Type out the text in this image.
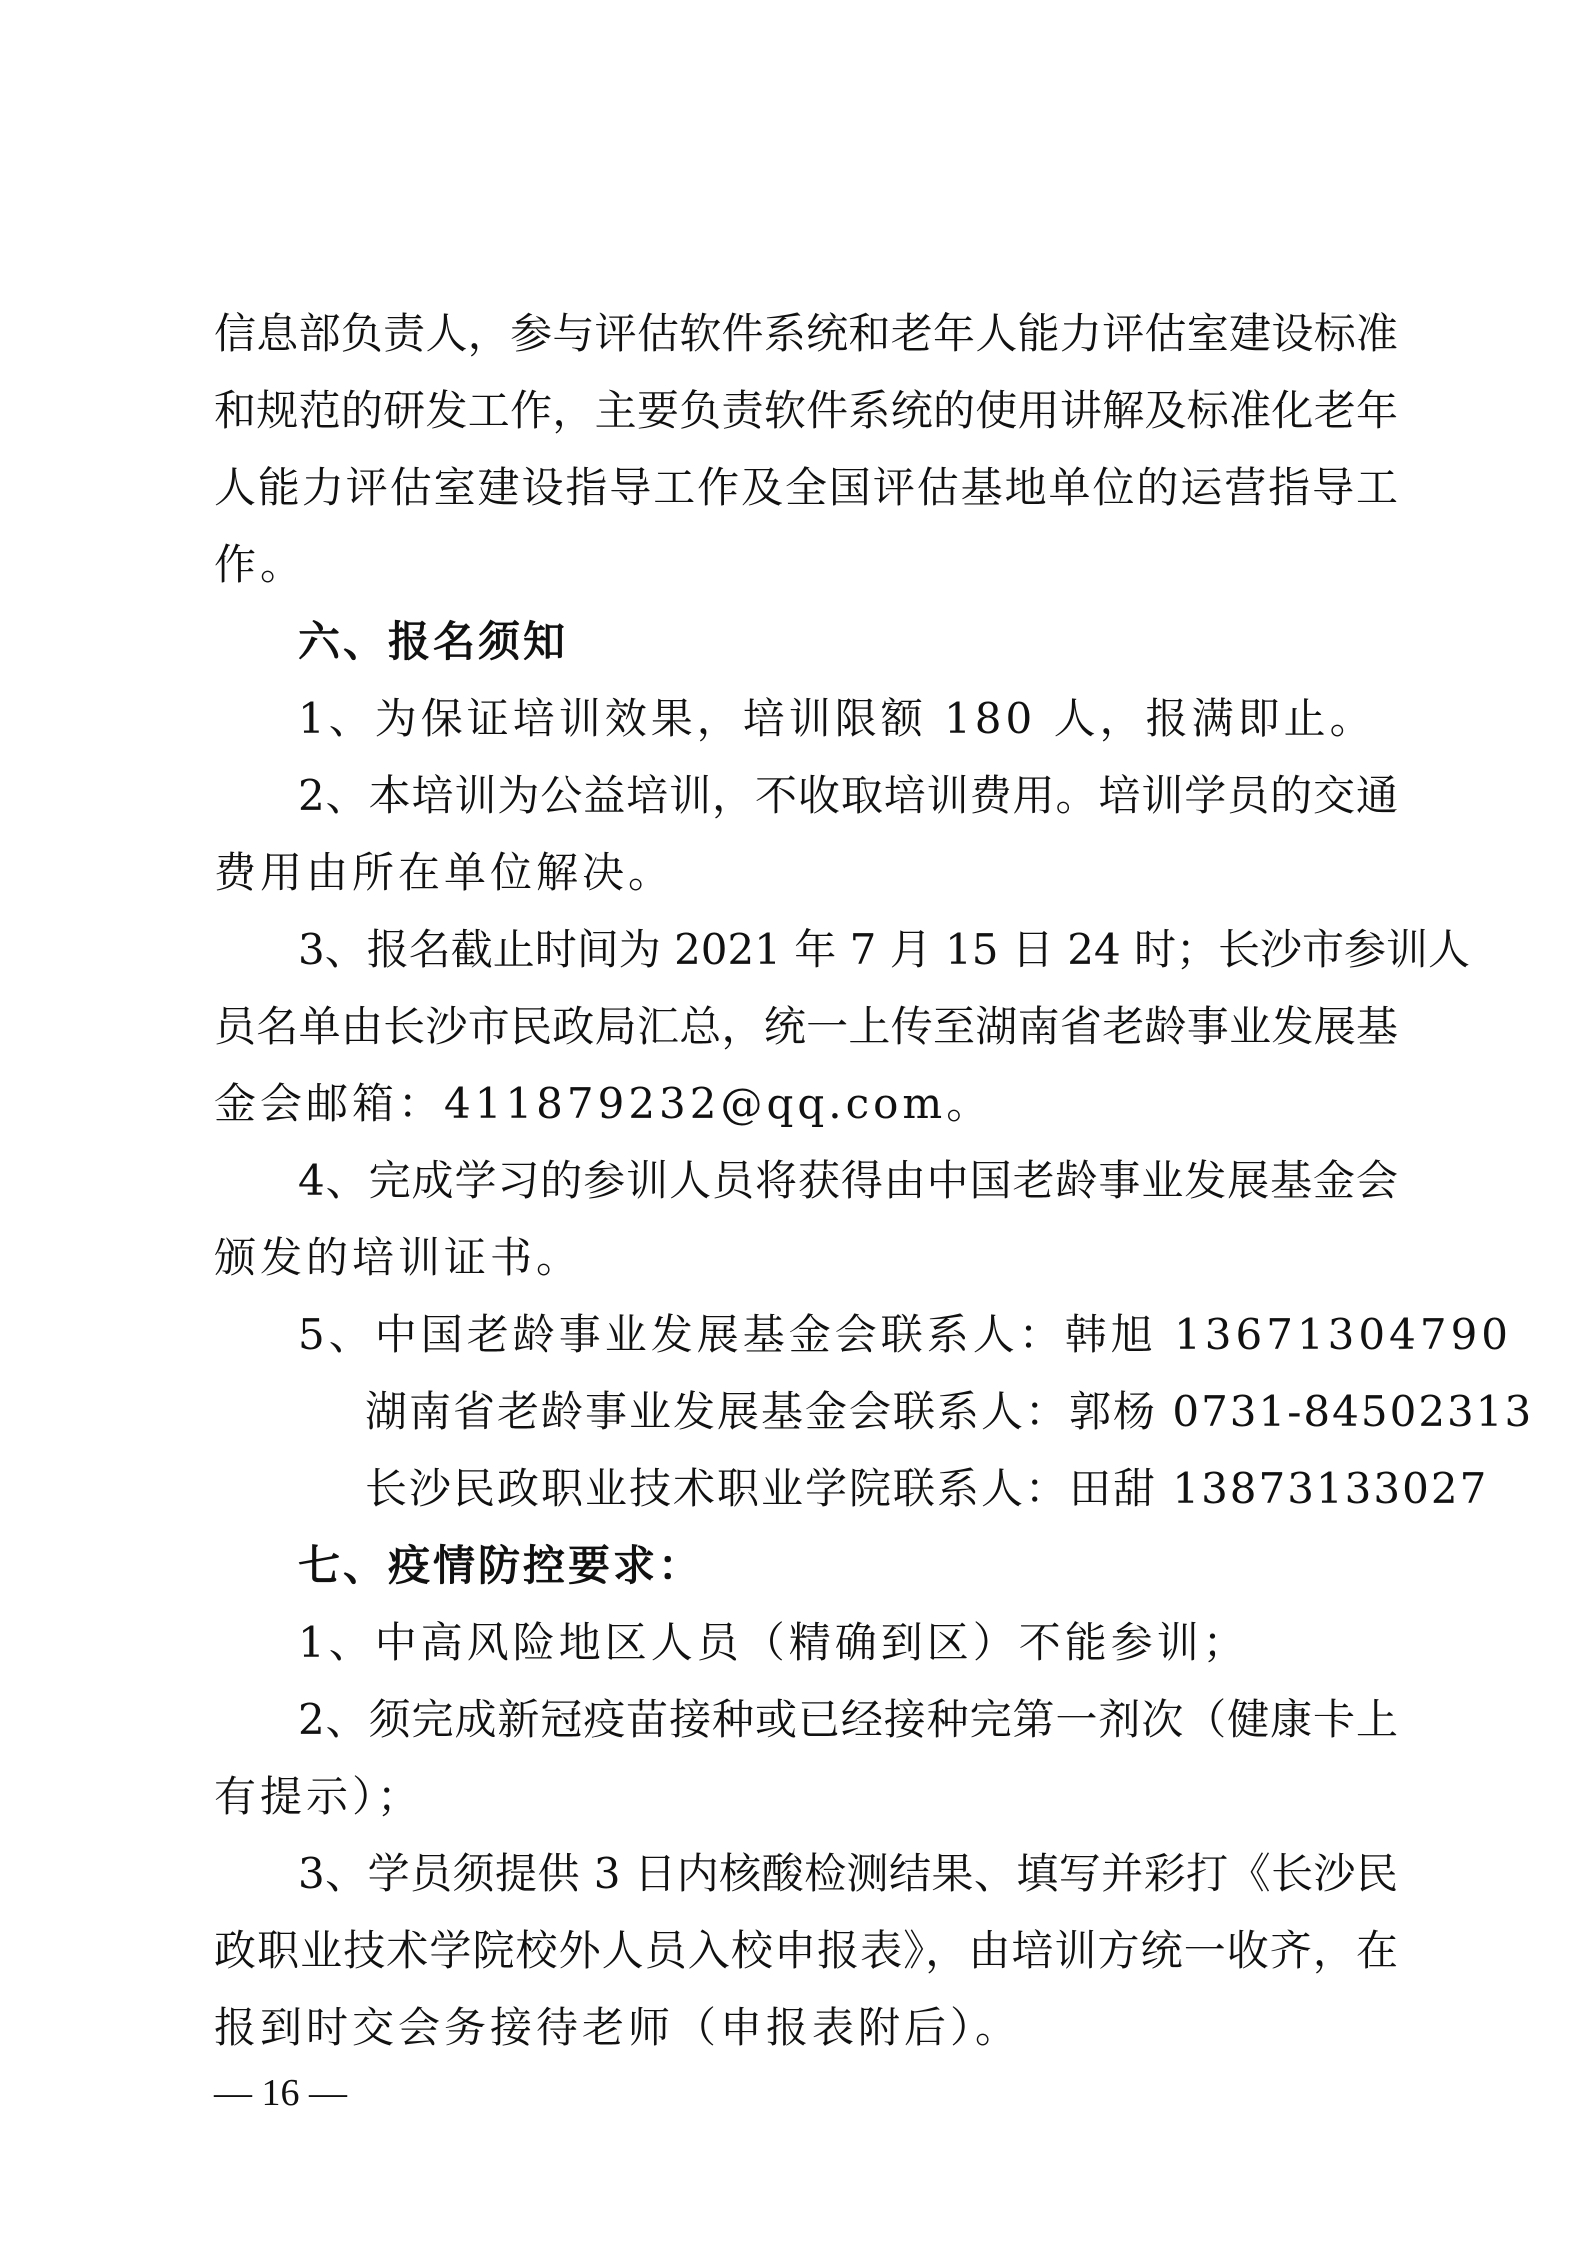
信息部负责人，参与评估软件系统和老年人能力评估室建设标准
和规范的研发工作，主要负责软件系统的使用讲解及标准化老年
人能力评估室建设指导工作及全国评估基地单位的运营指导工
作。
六、报名须知
1、为保证培训效果，培训限额 180 人，报满即止。
2、本培训为公益培训，不收取培训费用。培训学员的交通
费用由所在单位解决。
3、报名截止时间为 2021 年 7 月 15 日 24 时；长沙市参训人
员名单由长沙市民政局汇总，统一上传至湖南省老龄事业发展基
金会邮箱：411879232@qq.com。
4、完成学习的参训人员将获得由中国老龄事业发展基金会
颁发的培训证书。
5、中国老龄事业发展基金会联系人：韩旭 13671304790
湖南省老龄事业发展基金会联系人：郭杨 0731-84502313
长沙民政职业技术职业学院联系人：田甜 13873133027
七、疫情防控要求：
1、中高风险地区人员（精确到区）不能参训；
2、须完成新冠疫苗接种或已经接种完第一剂次（健康卡上
有提示）；
3、学员须提供 3 日内核酸检测结果、填写并彩打《长沙民
政职业技术学院校外人员入校申报表》，由培训方统一收齐，在
报到时交会务接待老师（申报表附后）。
— 16 —
